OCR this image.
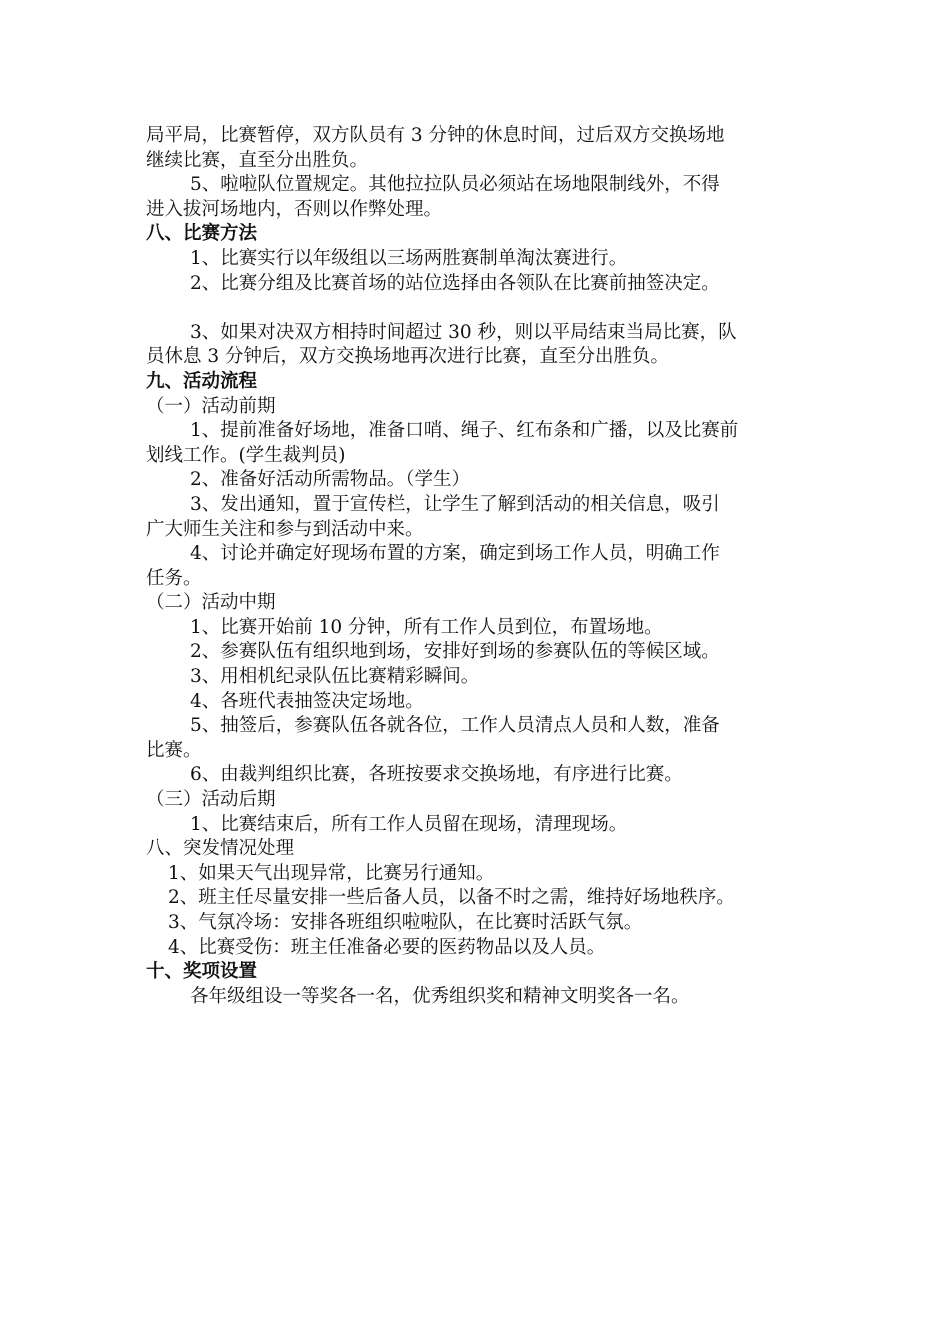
局平局，比赛暂停，双方队员有 3 分钟的休息时间，过后双方交换场地
继续比赛，直至分出胜负。
5、啦啦队位置规定。其他拉拉队员必须站在场地限制线外，不得
进入拔河场地内，否则以作弊处理。
八、比赛方法
1、比赛实行以年级组以三场两胜赛制单淘汰赛进行。
2、比赛分组及比赛首场的站位选择由各领队在比赛前抽签决定。
3、如果对决双方相持时间超过 30 秒，则以平局结束当局比赛，队
员休息 3 分钟后，双方交换场地再次进行比赛，直至分出胜负。
九、活动流程
（一）活动前期
1、提前准备好场地，准备口哨、绳子、红布条和广播，以及比赛前
划线工作。(学生裁判员)
2、准备好活动所需物品。（学生）
3、发出通知，置于宣传栏，让学生了解到活动的相关信息，吸引
广大师生关注和参与到活动中来。
4、讨论并确定好现场布置的方案，确定到场工作人员，明确工作
任务。
（二）活动中期
1、比赛开始前 10 分钟，所有工作人员到位，布置场地。
2、参赛队伍有组织地到场，安排好到场的参赛队伍的等候区域。
3、用相机纪录队伍比赛精彩瞬间。
4、各班代表抽签决定场地。
5、抽签后，参赛队伍各就各位，工作人员清点人员和人数，准备
比赛。
6、由裁判组织比赛，各班按要求交换场地，有序进行比赛。
（三）活动后期
1、比赛结束后，所有工作人员留在现场，清理现场。
八、突发情况处理
1、如果天气出现异常，比赛另行通知。
2、班主任尽量安排一些后备人员，以备不时之需，维持好场地秩序。
3、气氛冷场：安排各班组织啦啦队，在比赛时活跃气氛。
4、比赛受伤：班主任准备必要的医药物品以及人员。
十、奖项设置
各年级组设一等奖各一名，优秀组织奖和精神文明奖各一名。
